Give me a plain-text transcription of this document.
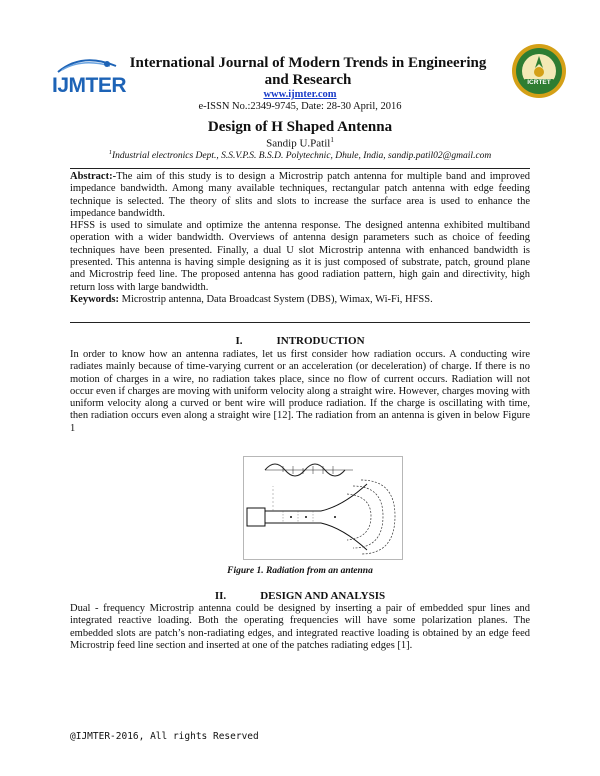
IJMTER
International Journal of Modern Trends in Engineering and Research	ICRTET
www.ijmter.com
e-ISSN No.:2349-9745, Date: 28-30 April, 2016
Design of H Shaped Antenna
Sandip U.Patil$^1$
$^1$Industrial electronics Dept., S.S.V.P.S. B.S.D. Polytechnic, Dhule, India, sandip.patil02@gmail.com

Abstract:-The aim of this study is to design a Microstrip patch antenna for multiple band and improved impedance bandwidth. Among many available techniques, rectangular patch antenna with edge feeding technique is selected. The theory of slits and slots to increase the surface area is used to enhance the impedance bandwidth.

HFSS is used to simulate and optimize the antenna response. The designed antenna exhibited multiband operation with a wider bandwidth. Overviews of antenna design parameters such as choice of feeding techniques have been presented. Finally, a dual U slot Microstrip antenna with enhanced bandwidth is presented. This antenna is having simple designing as it is just composed of substrate, patch, ground plane and Microstrip feed line. The proposed antenna has good radiation pattern, high gain and directivity, high return loss with large bandwidth.

Keywords: Microstrip antenna, Data Broadcast System (DBS), Wimax, Wi-Fi, HFSS.

I.	INTRODUCTION
In order to know how an antenna radiates, let us first consider how radiation occurs. A conducting wire radiates mainly because of time-varying current or an acceleration (or deceleration) of charge. If there is no motion of charges in a wire, no radiation takes place, since no flow of current occurs. Radiation will not occur even if charges are moving with uniform velocity along a straight wire. However, charges moving with uniform velocity along a curved or bent wire will produce radiation. If the charge is oscillating with time, then radiation occurs even along a straight wire [12]. The radiation from an antenna is given in below Figure 1
Figure 1. Radiation from an antenna
II.	DESIGN AND ANALYSIS
Dual - frequency Microstrip antenna could be designed by inserting a pair of embedded spur lines and integrated reactive loading. Both the operating frequencies will have some polarization planes. The embedded slots are patch’s non-radiating edges, and integrated reactive loading is obtained by an edge feed Microstrip feed line section and inserted at one of the patches radiating edges [1].
@IJMTER-2016, All rights Reserved
